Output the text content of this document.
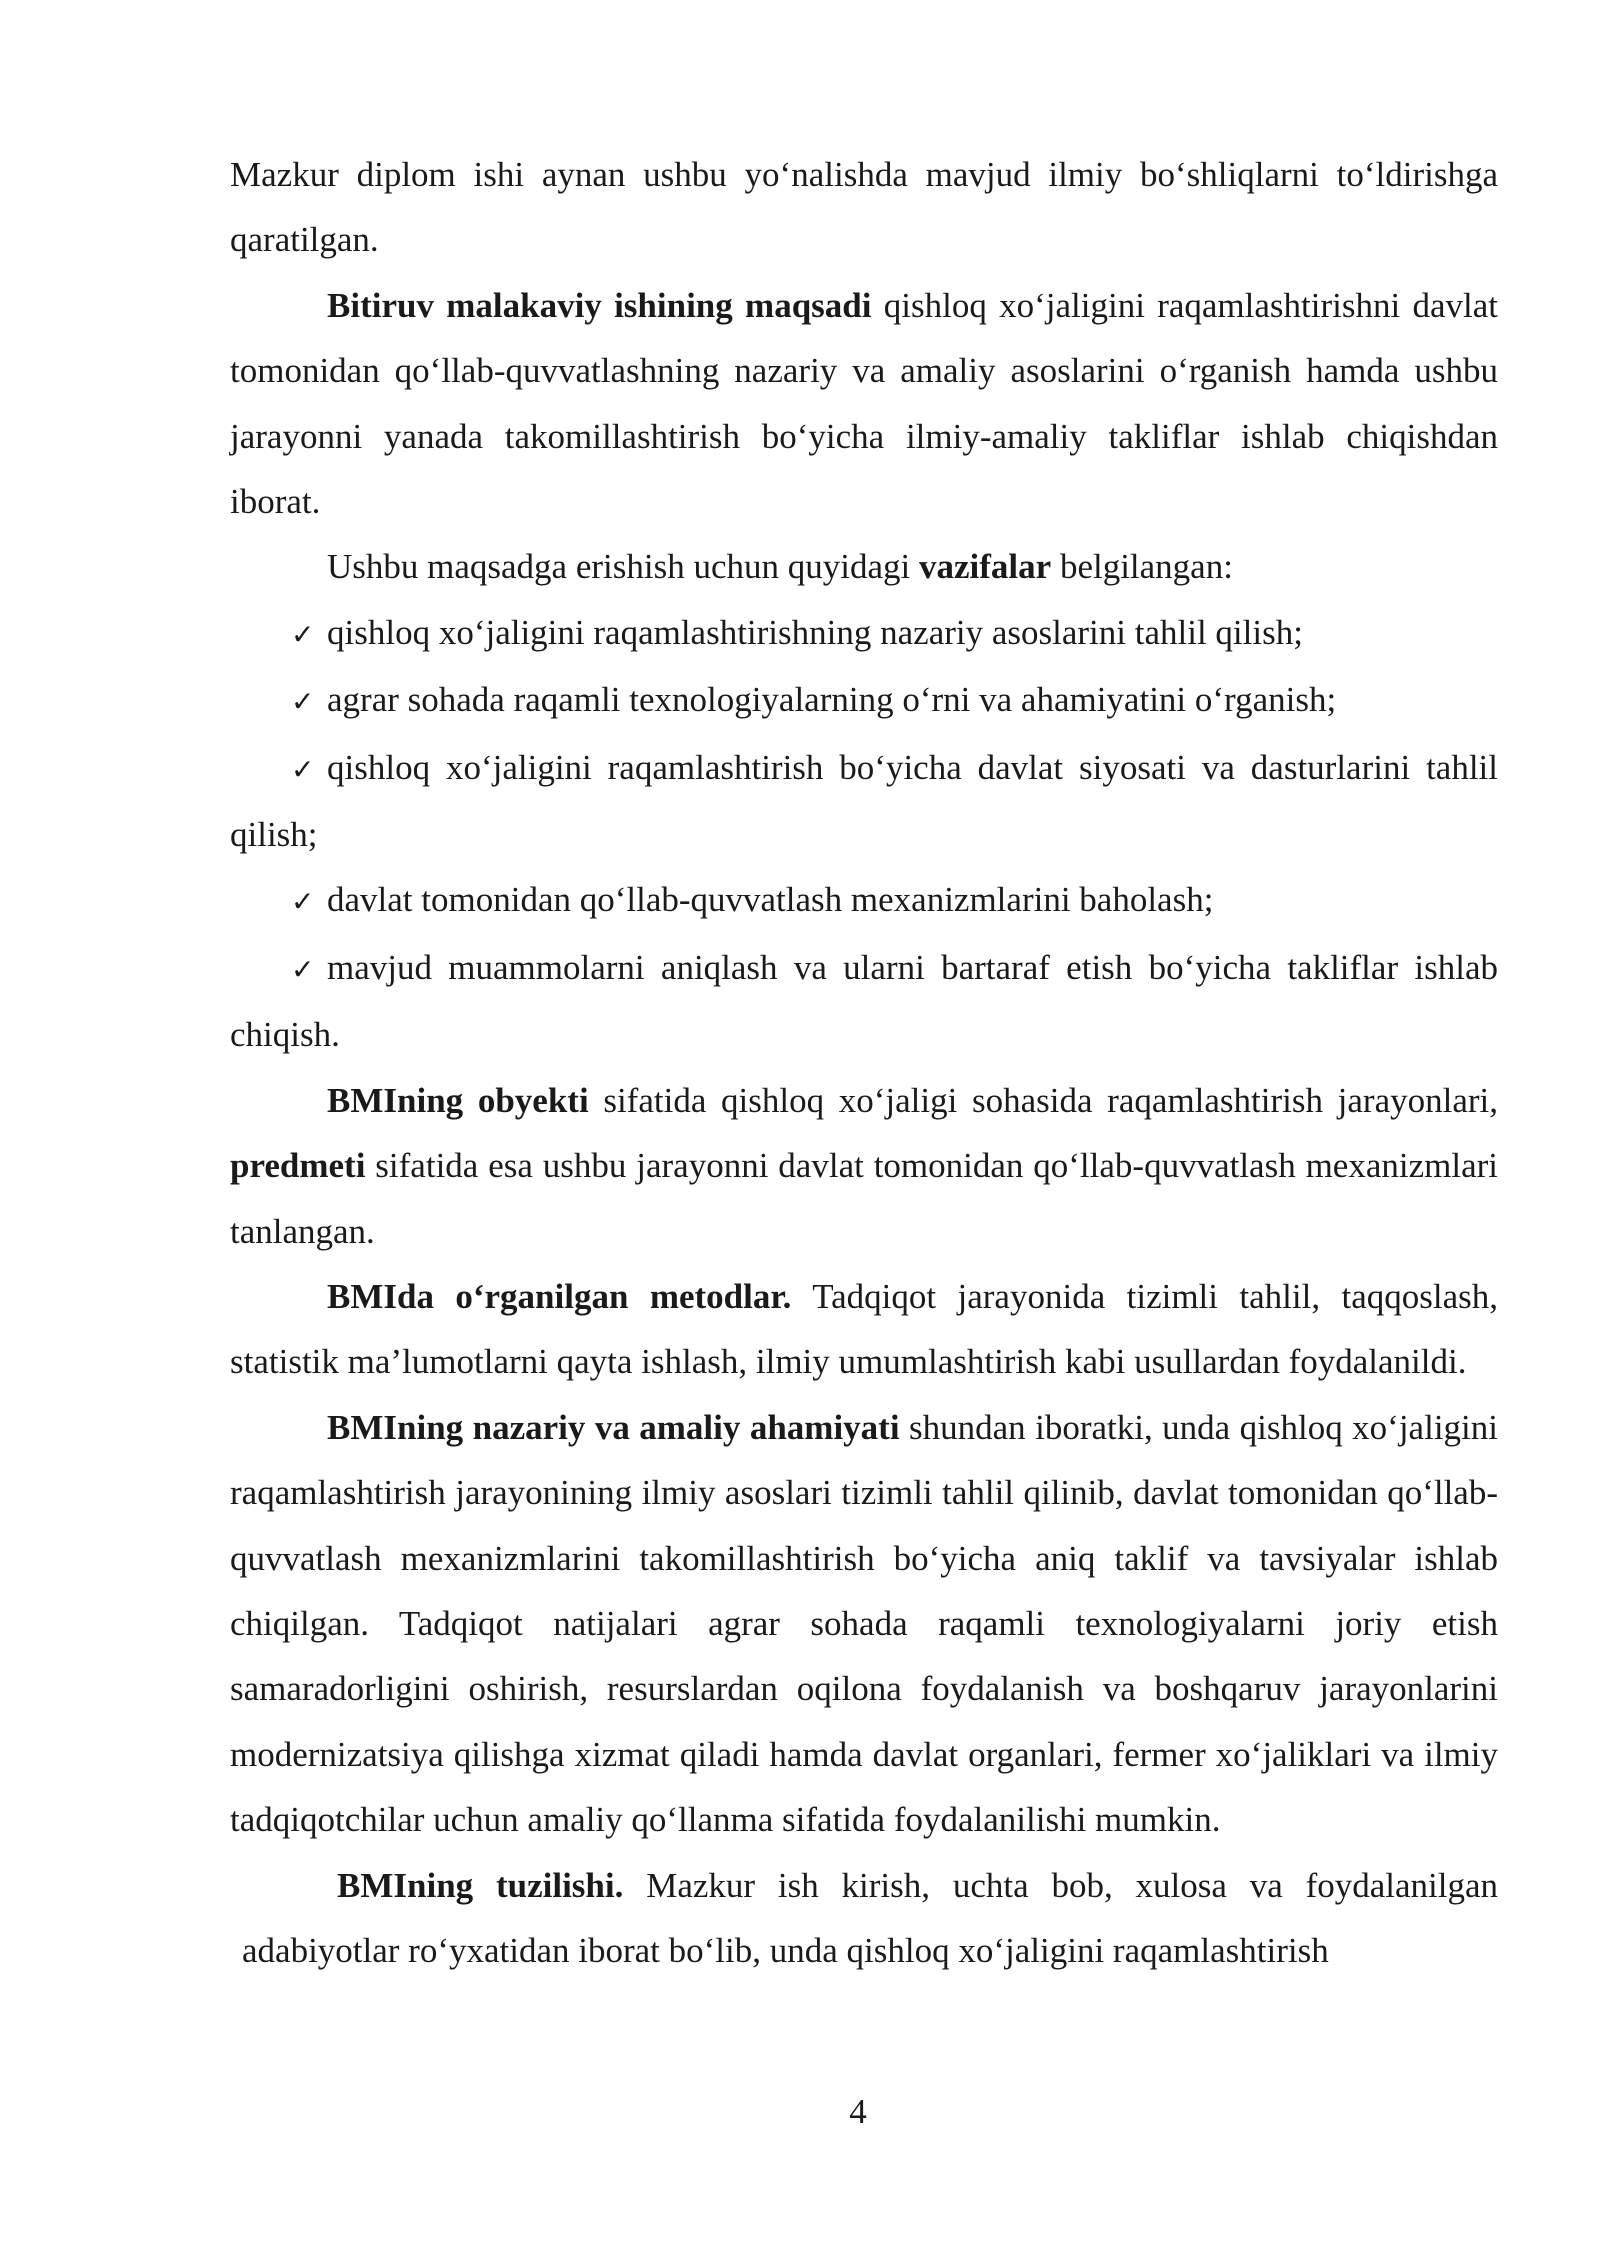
Mazkur diplom ishi aynan ushbu yo‘nalishda mavjud ilmiy bo‘shliqlarni to‘ldirishga qaratilgan.

Bitiruv malakaviy ishining maqsadi qishloq xo‘jaligini raqamlashtirishni davlat tomonidan qo‘llab-quvvatlashning nazariy va amaliy asoslarini o‘rganish hamda ushbu jarayonni yanada takomillashtirish bo‘yicha ilmiy-amaliy takliflar ishlab chiqishdan iborat.

Ushbu maqsadga erishish uchun quyidagi vazifalar belgilangan:

✓ qishloq xo‘jaligini raqamlashtirishning nazariy asoslarini tahlil qilish;

✓ agrar sohada raqamli texnologiyalarning o‘rni va ahamiyatini o‘rganish;

✓ qishloq xo‘jaligini raqamlashtirish bo‘yicha davlat siyosati va dasturlarini tahlil qilish;

✓ davlat tomonidan qo‘llab-quvvatlash mexanizmlarini baholash;

✓ mavjud muammolarni aniqlash va ularni bartaraf etish bo‘yicha takliflar ishlab chiqish.

BMIning obyekti sifatida qishloq xo‘jaligi sohasida raqamlashtirish jarayonlari, predmeti sifatida esa ushbu jarayonni davlat tomonidan qo‘llab-quvvatlash mexanizmlari tanlangan.

BMIda o‘rganilgan metodlar. Tadqiqot jarayonida tizimli tahlil, taqqoslash, statistik ma’lumotlarni qayta ishlash, ilmiy umumlashtirish kabi usullardan foydalanildi.

BMIning nazariy va amaliy ahamiyati shundan iboratki, unda qishloq xo‘jaligini raqamlashtirish jarayonining ilmiy asoslari tizimli tahlil qilinib, davlat tomonidan qo‘llab-quvvatlash mexanizmlarini takomillashtirish bo‘yicha aniq taklif va tavsiyalar ishlab chiqilgan. Tadqiqot natijalari agrar sohada raqamli texnologiyalarni joriy etish samaradorligini oshirish, resurslardan oqilona foydalanish va boshqaruv jarayonlarini modernizatsiya qilishga xizmat qiladi hamda davlat organlari, fermer xo‘jaliklari va ilmiy tadqiqotchilar uchun amaliy qo‘llanma sifatida foydalanilishi mumkin.

BMIning tuzilishi. Mazkur ish kirish, uchta bob, xulosa va foydalanilgan adabiyotlar ro‘yxatidan iborat bo‘lib, unda qishloq xo‘jaligini raqamlashtirish

4
